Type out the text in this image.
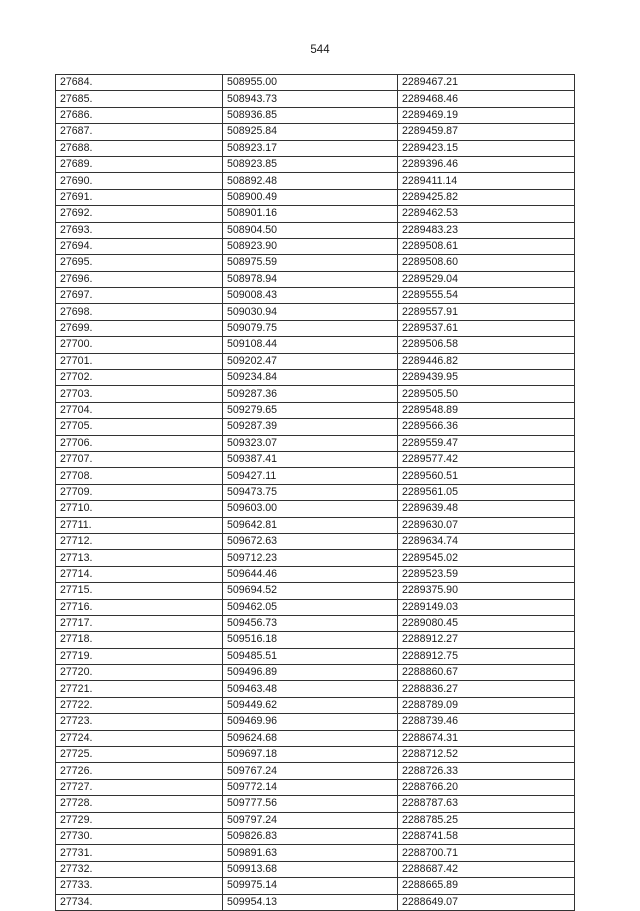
544
27684.	508955.00	2289467.21
27685.	508943.73	2289468.46
27686.	508936.85	2289469.19
27687.	508925.84	2289459.87
27688.	508923.17	2289423.15
27689.	508923.85	2289396.46
27690.	508892.48	2289411.14
27691.	508900.49	2289425.82
27692.	508901.16	2289462.53
27693.	508904.50	2289483.23
27694.	508923.90	2289508.61
27695.	508975.59	2289508.60
27696.	508978.94	2289529.04
27697.	509008.43	2289555.54
27698.	509030.94	2289557.91
27699.	509079.75	2289537.61
27700.	509108.44	2289506.58
27701.	509202.47	2289446.82
27702.	509234.84	2289439.95
27703.	509287.36	2289505.50
27704.	509279.65	2289548.89
27705.	509287.39	2289566.36
27706.	509323.07	2289559.47
27707.	509387.41	2289577.42
27708.	509427.11	2289560.51
27709.	509473.75	2289561.05
27710.	509603.00	2289639.48
27711.	509642.81	2289630.07
27712.	509672.63	2289634.74
27713.	509712.23	2289545.02
27714.	509644.46	2289523.59
27715.	509694.52	2289375.90
27716.	509462.05	2289149.03
27717.	509456.73	2289080.45
27718.	509516.18	2288912.27
27719.	509485.51	2288912.75
27720.	509496.89	2288860.67
27721.	509463.48	2288836.27
27722.	509449.62	2288789.09
27723.	509469.96	2288739.46
27724.	509624.68	2288674.31
27725.	509697.18	2288712.52
27726.	509767.24	2288726.33
27727.	509772.14	2288766.20
27728.	509777.56	2288787.63
27729.	509797.24	2288785.25
27730.	509826.83	2288741.58
27731.	509891.63	2288700.71
27732.	509913.68	2288687.42
27733.	509975.14	2288665.89
27734.	509954.13	2288649.07
